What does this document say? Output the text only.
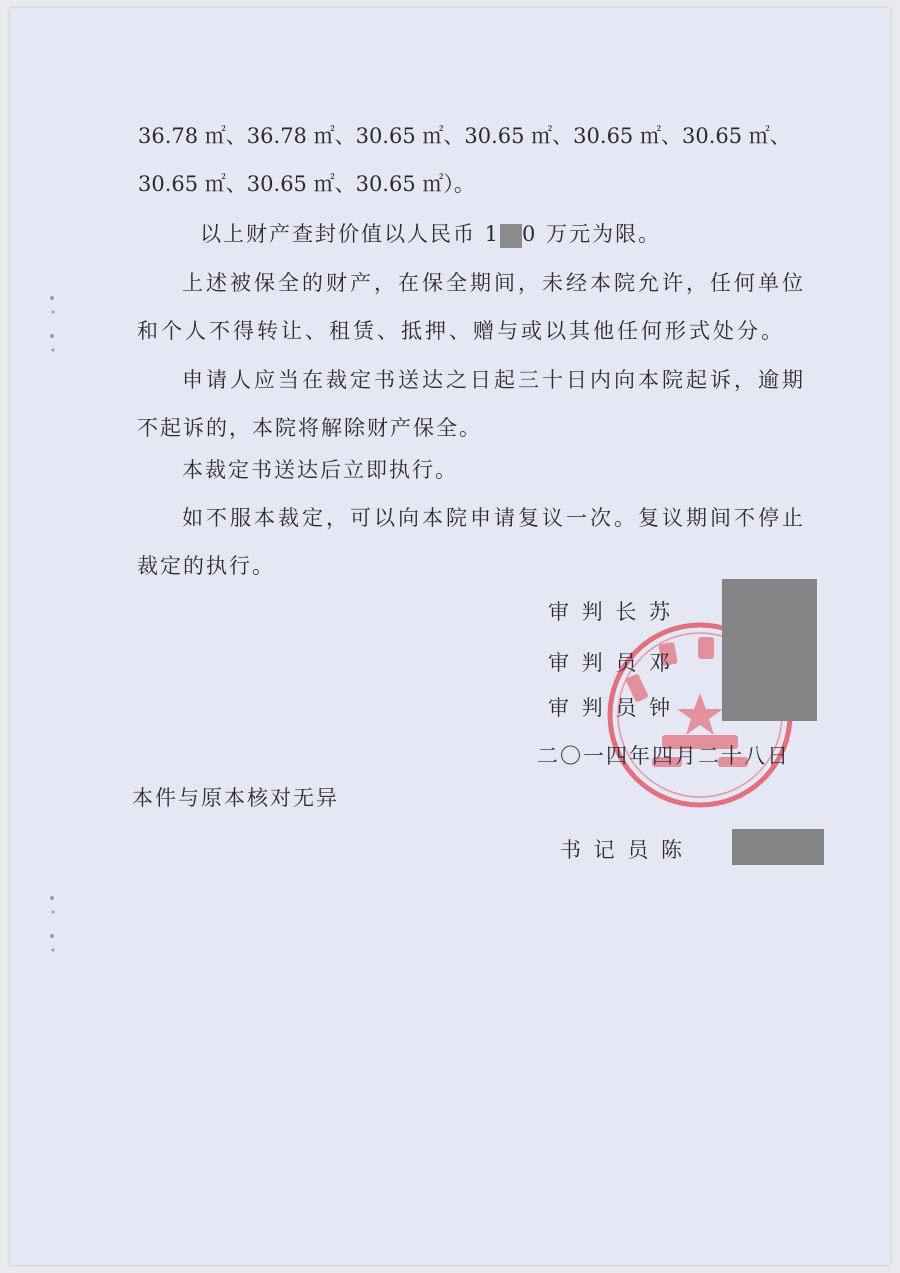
36.78 ㎡、36.78 ㎡、30.65 ㎡、30.65 ㎡、30.65 ㎡、30.65 ㎡、
30.65 ㎡、30.65 ㎡、30.65 ㎡）。
以上财产查封价值以人民币 1 0 万元为限。
上述被保全的财产，在保全期间，未经本院允许，任何单位
和个人不得转让、租赁、抵押、赠与或以其他任何形式处分。
申请人应当在裁定书送达之日起三十日内向本院起诉，逾期
不起诉的，本院将解除财产保全。
本裁定书送达后立即执行。
如不服本裁定，可以向本院申请复议一次。复议期间不停止
裁定的执行。
审 判 长 苏
审 判 员 邓
审 判 员 钟
二〇一四年四月二十八日
本件与原本核对无异
书 记 员 陈
